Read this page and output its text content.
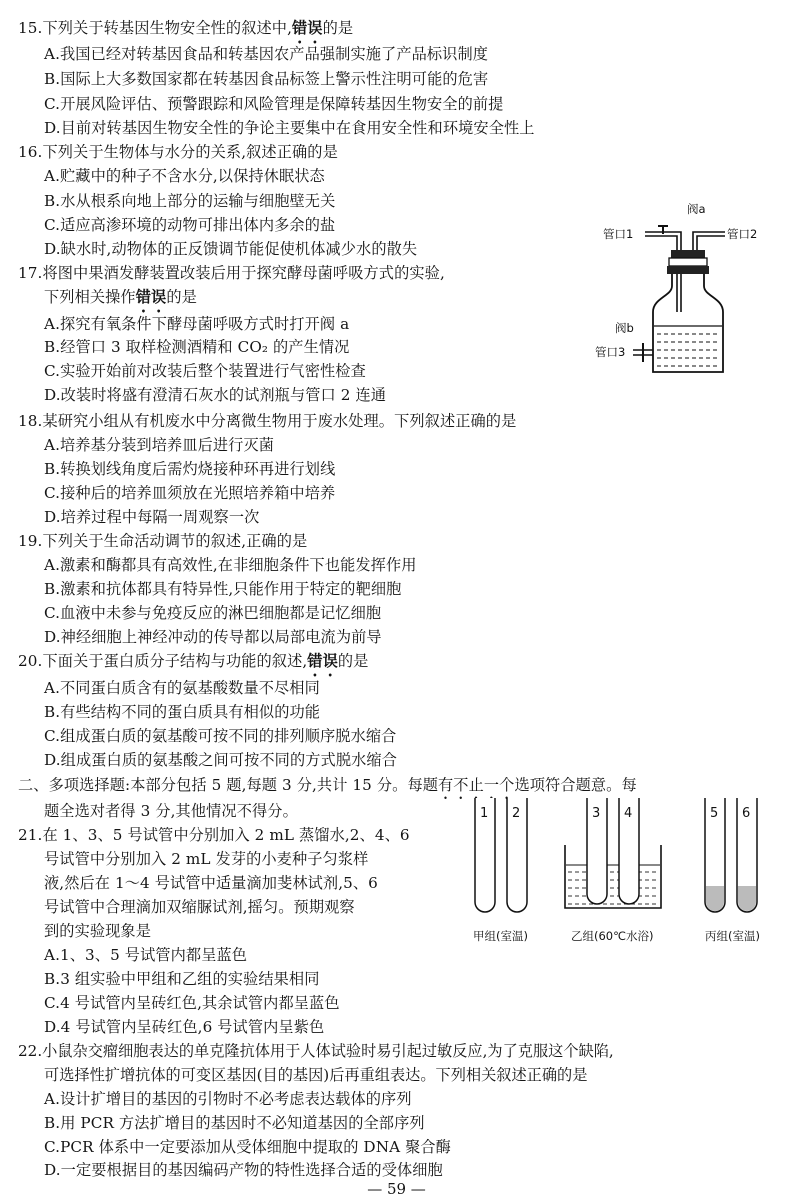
15.下列关于转基因生物安全性的叙述中,错误的是
A.我国已经对转基因食品和转基因农产品强制实施了产品标识制度
B.国际上大多数国家都在转基因食品标签上警示性注明可能的危害
C.开展风险评估、预警跟踪和风险管理是保障转基因生物安全的前提
D.目前对转基因生物安全性的争论主要集中在食用安全性和环境安全性上
16.下列关于生物体与水分的关系,叙述正确的是
A.贮藏中的种子不含水分,以保持休眠状态
B.水从根系向地上部分的运输与细胞壁无关
C.适应高渗环境的动物可排出体内多余的盐
D.缺水时,动物体的正反馈调节能促使机体减少水的散失
17.将图中果酒发酵装置改装后用于探究酵母菌呼吸方式的实验,
下列相关操作错误的是
A.探究有氧条件下酵母菌呼吸方式时打开阀 a
B.经管口 3 取样检测酒精和 CO₂ 的产生情况
C.实验开始前对改装后整个装置进行气密性检查
D.改装时将盛有澄清石灰水的试剂瓶与管口 2 连通
阀a
管口1	管口2
阀b
管口3
18.某研究小组从有机废水中分离微生物用于废水处理。下列叙述正确的是
A.培养基分装到培养皿后进行灭菌
B.转换划线角度后需灼烧接种环再进行划线
C.接种后的培养皿须放在光照培养箱中培养
D.培养过程中每隔一周观察一次
19.下列关于生命活动调节的叙述,正确的是
A.激素和酶都具有高效性,在非细胞条件下也能发挥作用
B.激素和抗体都具有特异性,只能作用于特定的靶细胞
C.血液中未参与免疫反应的淋巴细胞都是记忆细胞
D.神经细胞上神经冲动的传导都以局部电流为前导
20.下面关于蛋白质分子结构与功能的叙述,错误的是
A.不同蛋白质含有的氨基酸数量不尽相同
B.有些结构不同的蛋白质具有相似的功能
C.组成蛋白质的氨基酸可按不同的排列顺序脱水缩合
D.组成蛋白质的氨基酸之间可按不同的方式脱水缩合
二、多项选择题:本部分包括 5 题,每题 3 分,共计 15 分。每题有不止一个选项符合题意。每
题全选对者得 3 分,其他情况不得分。
21.在 1、3、5 号试管中分别加入 2 mL 蒸馏水,2、4、6
号试管中分别加入 2 mL 发芽的小麦种子匀浆样
液,然后在 1～4 号试管中适量滴加斐林试剂,5、6
号试管中合理滴加双缩脲试剂,摇匀。预期观察
到的实验现象是
A.1、3、5 号试管内都呈蓝色
B.3 组实验中甲组和乙组的实验结果相同
C.4 号试管内呈砖红色,其余试管内都呈蓝色
D.4 号试管内呈砖红色,6 号试管内呈紫色
1 2	3 4	5 6
甲组(室温)	乙组(60℃水浴)	丙组(室温)
22.小鼠杂交瘤细胞表达的单克隆抗体用于人体试验时易引起过敏反应,为了克服这个缺陷,
可选择性扩增抗体的可变区基因(目的基因)后再重组表达。下列相关叙述正确的是
A.设计扩增目的基因的引物时不必考虑表达载体的序列
B.用 PCR 方法扩增目的基因时不必知道基因的全部序列
C.PCR 体系中一定要添加从受体细胞中提取的 DNA 聚合酶
D.一定要根据目的基因编码产物的特性选择合适的受体细胞
— 59 —
